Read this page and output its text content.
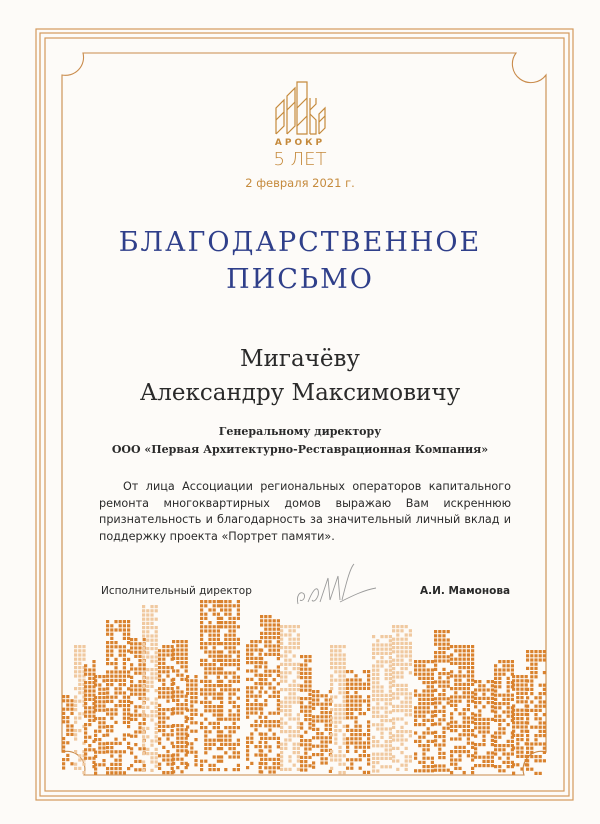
АРОКР
5 ЛЕТ
2 февраля 2021 г.
БЛАГОДАРСТВЕННОЕ
ПИСЬМО
Мигачёву
Александру Максимовичу
Генеральному директору
ООО «Первая Архитектурно-Реставрационная Компания»
От лица Ассоциации региональных операторов капитального ремонта многоквартирных домов выражаю Вам искреннюю признательность и благодарность за значительный личный вклад и поддержку проекта «Портрет памяти».
Исполнительный директор	А.И. Мамонова
